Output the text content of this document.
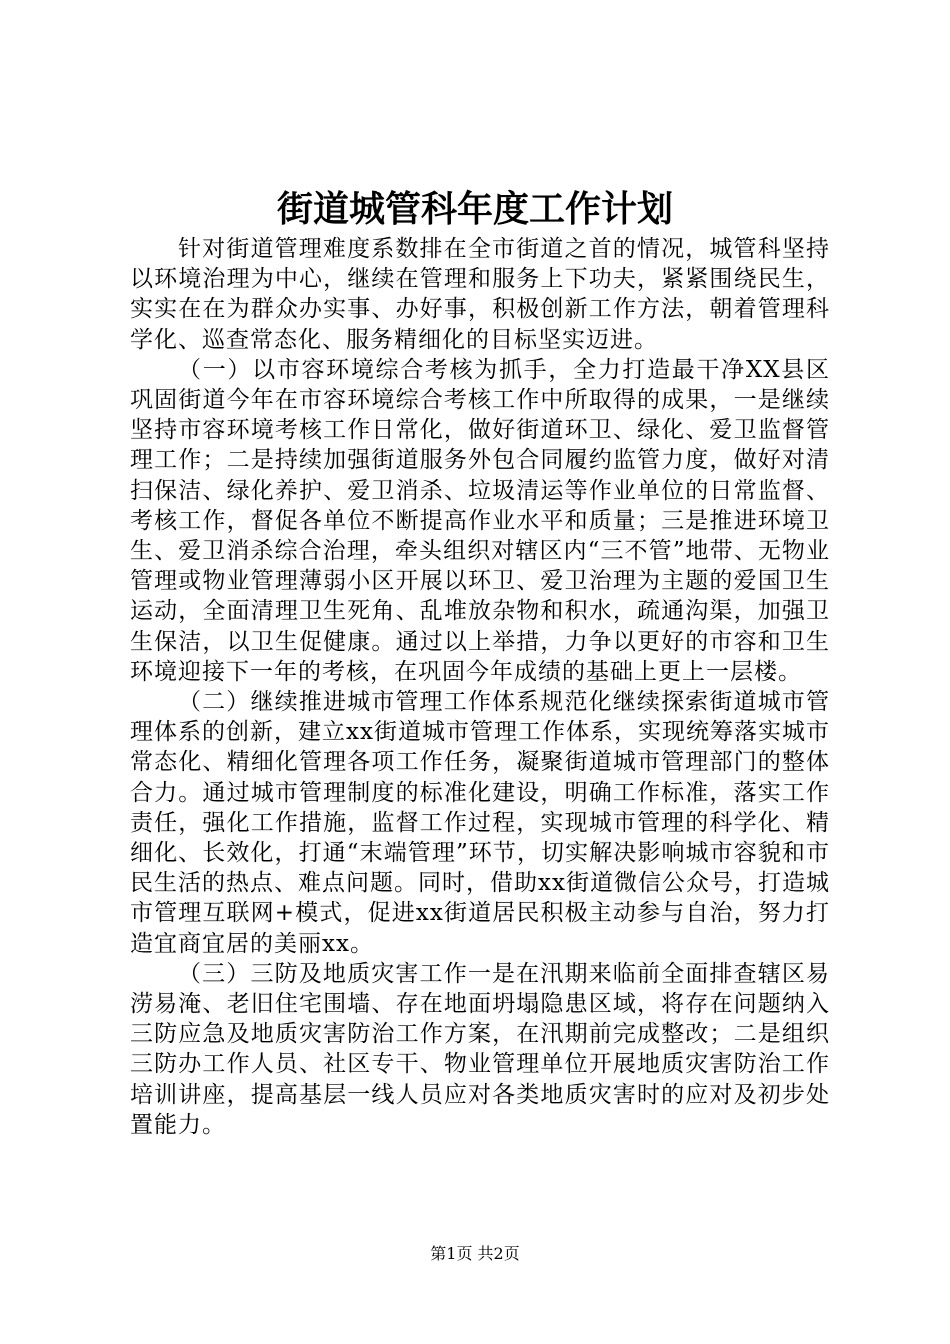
街道城管科年度工作计划

针对街道管理难度系数排在全市街道之首的情况，城管科坚持以环境治理为中心，继续在管理和服务上下功夫，紧紧围绕民生，实实在在为群众办实事、办好事，积极创新工作方法，朝着管理科学化、巡查常态化、服务精细化的目标坚实迈进。

（一）以市容环境综合考核为抓手，全力打造最干净XX县区巩固街道今年在市容环境综合考核工作中所取得的成果，一是继续坚持市容环境考核工作日常化，做好街道环卫、绿化、爱卫监督管理工作；二是持续加强街道服务外包合同履约监管力度，做好对清扫保洁、绿化养护、爱卫消杀、垃圾清运等作业单位的日常监督、考核工作，督促各单位不断提高作业水平和质量；三是推进环境卫生、爱卫消杀综合治理，牵头组织对辖区内“三不管”地带、无物业管理或物业管理薄弱小区开展以环卫、爱卫治理为主题的爱国卫生运动，全面清理卫生死角、乱堆放杂物和积水，疏通沟渠，加强卫生保洁，以卫生促健康。通过以上举措，力争以更好的市容和卫生环境迎接下一年的考核，在巩固今年成绩的基础上更上一层楼。

（二）继续推进城市管理工作体系规范化继续探索街道城市管理体系的创新，建立xx街道城市管理工作体系，实现统筹落实城市常态化、精细化管理各项工作任务，凝聚街道城市管理部门的整体合力。通过城市管理制度的标准化建设，明确工作标准，落实工作责任，强化工作措施，监督工作过程，实现城市管理的科学化、精细化、长效化，打通“末端管理”环节，切实解决影响城市容貌和市民生活的热点、难点问题。同时，借助xx街道微信公众号，打造城市管理互联网+模式，促进xx街道居民积极主动参与自治，努力打造宜商宜居的美丽xx。

（三）三防及地质灾害工作一是在汛期来临前全面排查辖区易涝易淹、老旧住宅围墙、存在地面坍塌隐患区域，将存在问题纳入三防应急及地质灾害防治工作方案，在汛期前完成整改；二是组织三防办工作人员、社区专干、物业管理单位开展地质灾害防治工作培训讲座，提高基层一线人员应对各类地质灾害时的应对及初步处置能力。

第1页 共2页
